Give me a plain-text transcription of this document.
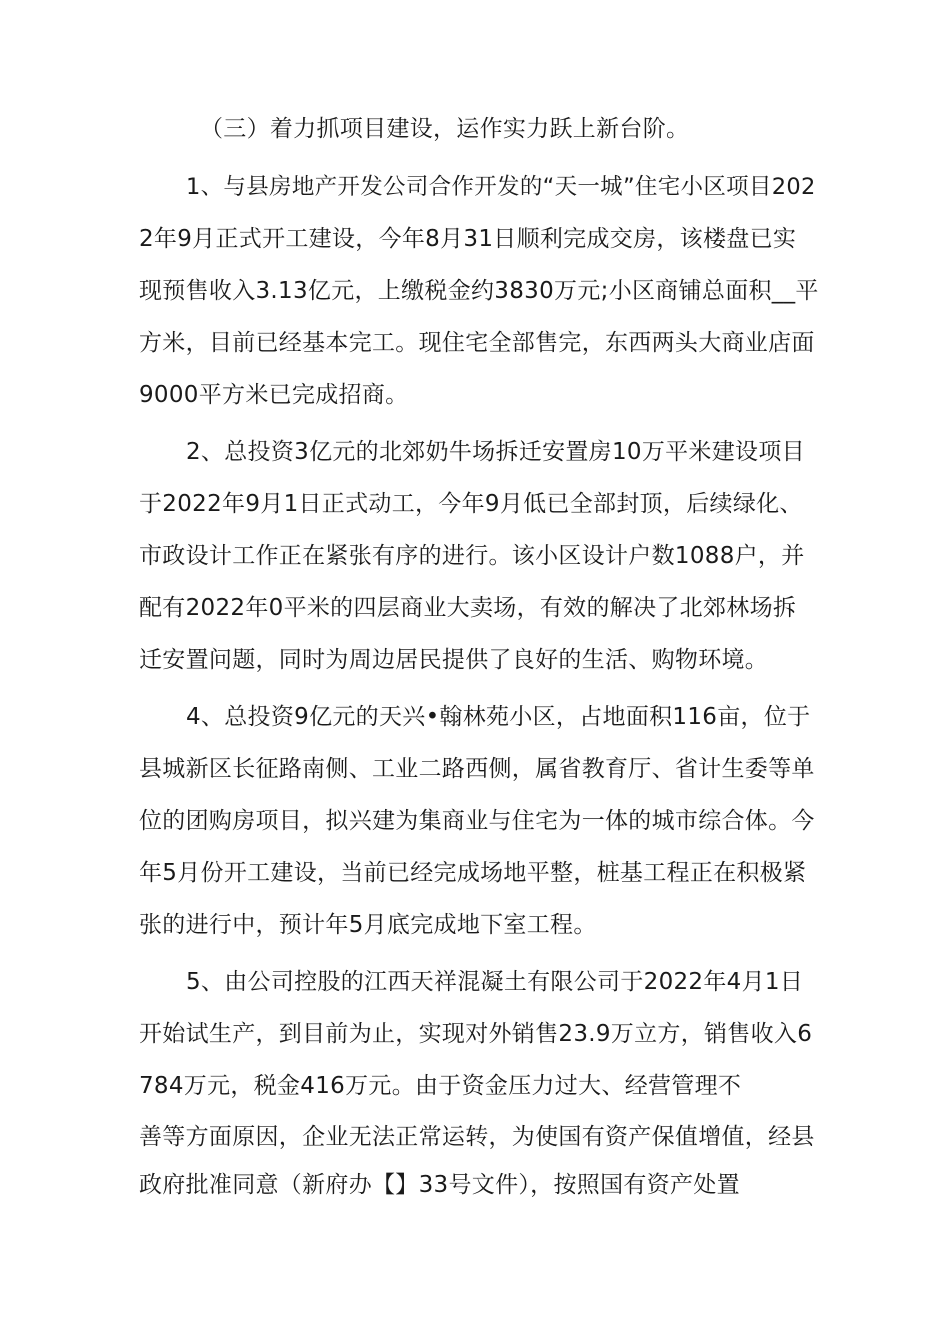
（三）着力抓项目建设，运作实力跃上新台阶。
1、与县房地产开发公司合作开发的“天一城”住宅小区项目202
2年9月正式开工建设，今年8月31日顺利完成交房，该楼盘已实
现预售收入3.13亿元，上缴税金约3830万元;小区商铺总面积__平
方米，目前已经基本完工。现住宅全部售完，东西两头大商业店面
9000平方米已完成招商。
2、总投资3亿元的北郊奶牛场拆迁安置房10万平米建设项目
于2022年9月1日正式动工，今年9月低已全部封顶，后续绿化、
市政设计工作正在紧张有序的进行。该小区设计户数1088户，并
配有2022年0平米的四层商业大卖场，有效的解决了北郊林场拆
迁安置问题，同时为周边居民提供了良好的生活、购物环境。
4、总投资9亿元的天兴•翰林苑小区，占地面积116亩，位于
县城新区长征路南侧、工业二路西侧，属省教育厅、省计生委等单
位的团购房项目，拟兴建为集商业与住宅为一体的城市综合体。今
年5月份开工建设，当前已经完成场地平整，桩基工程正在积极紧
张的进行中，预计年5月底完成地下室工程。
5、由公司控股的江西天祥混凝土有限公司于2022年4月1日
开始试生产，到目前为止，实现对外销售23.9万立方，销售收入6
784万元，税金416万元。由于资金压力过大、经营管理不
善等方面原因，企业无法正常运转，为使国有资产保值增值，经县
政府批准同意（新府办【】33号文件），按照国有资产处置
